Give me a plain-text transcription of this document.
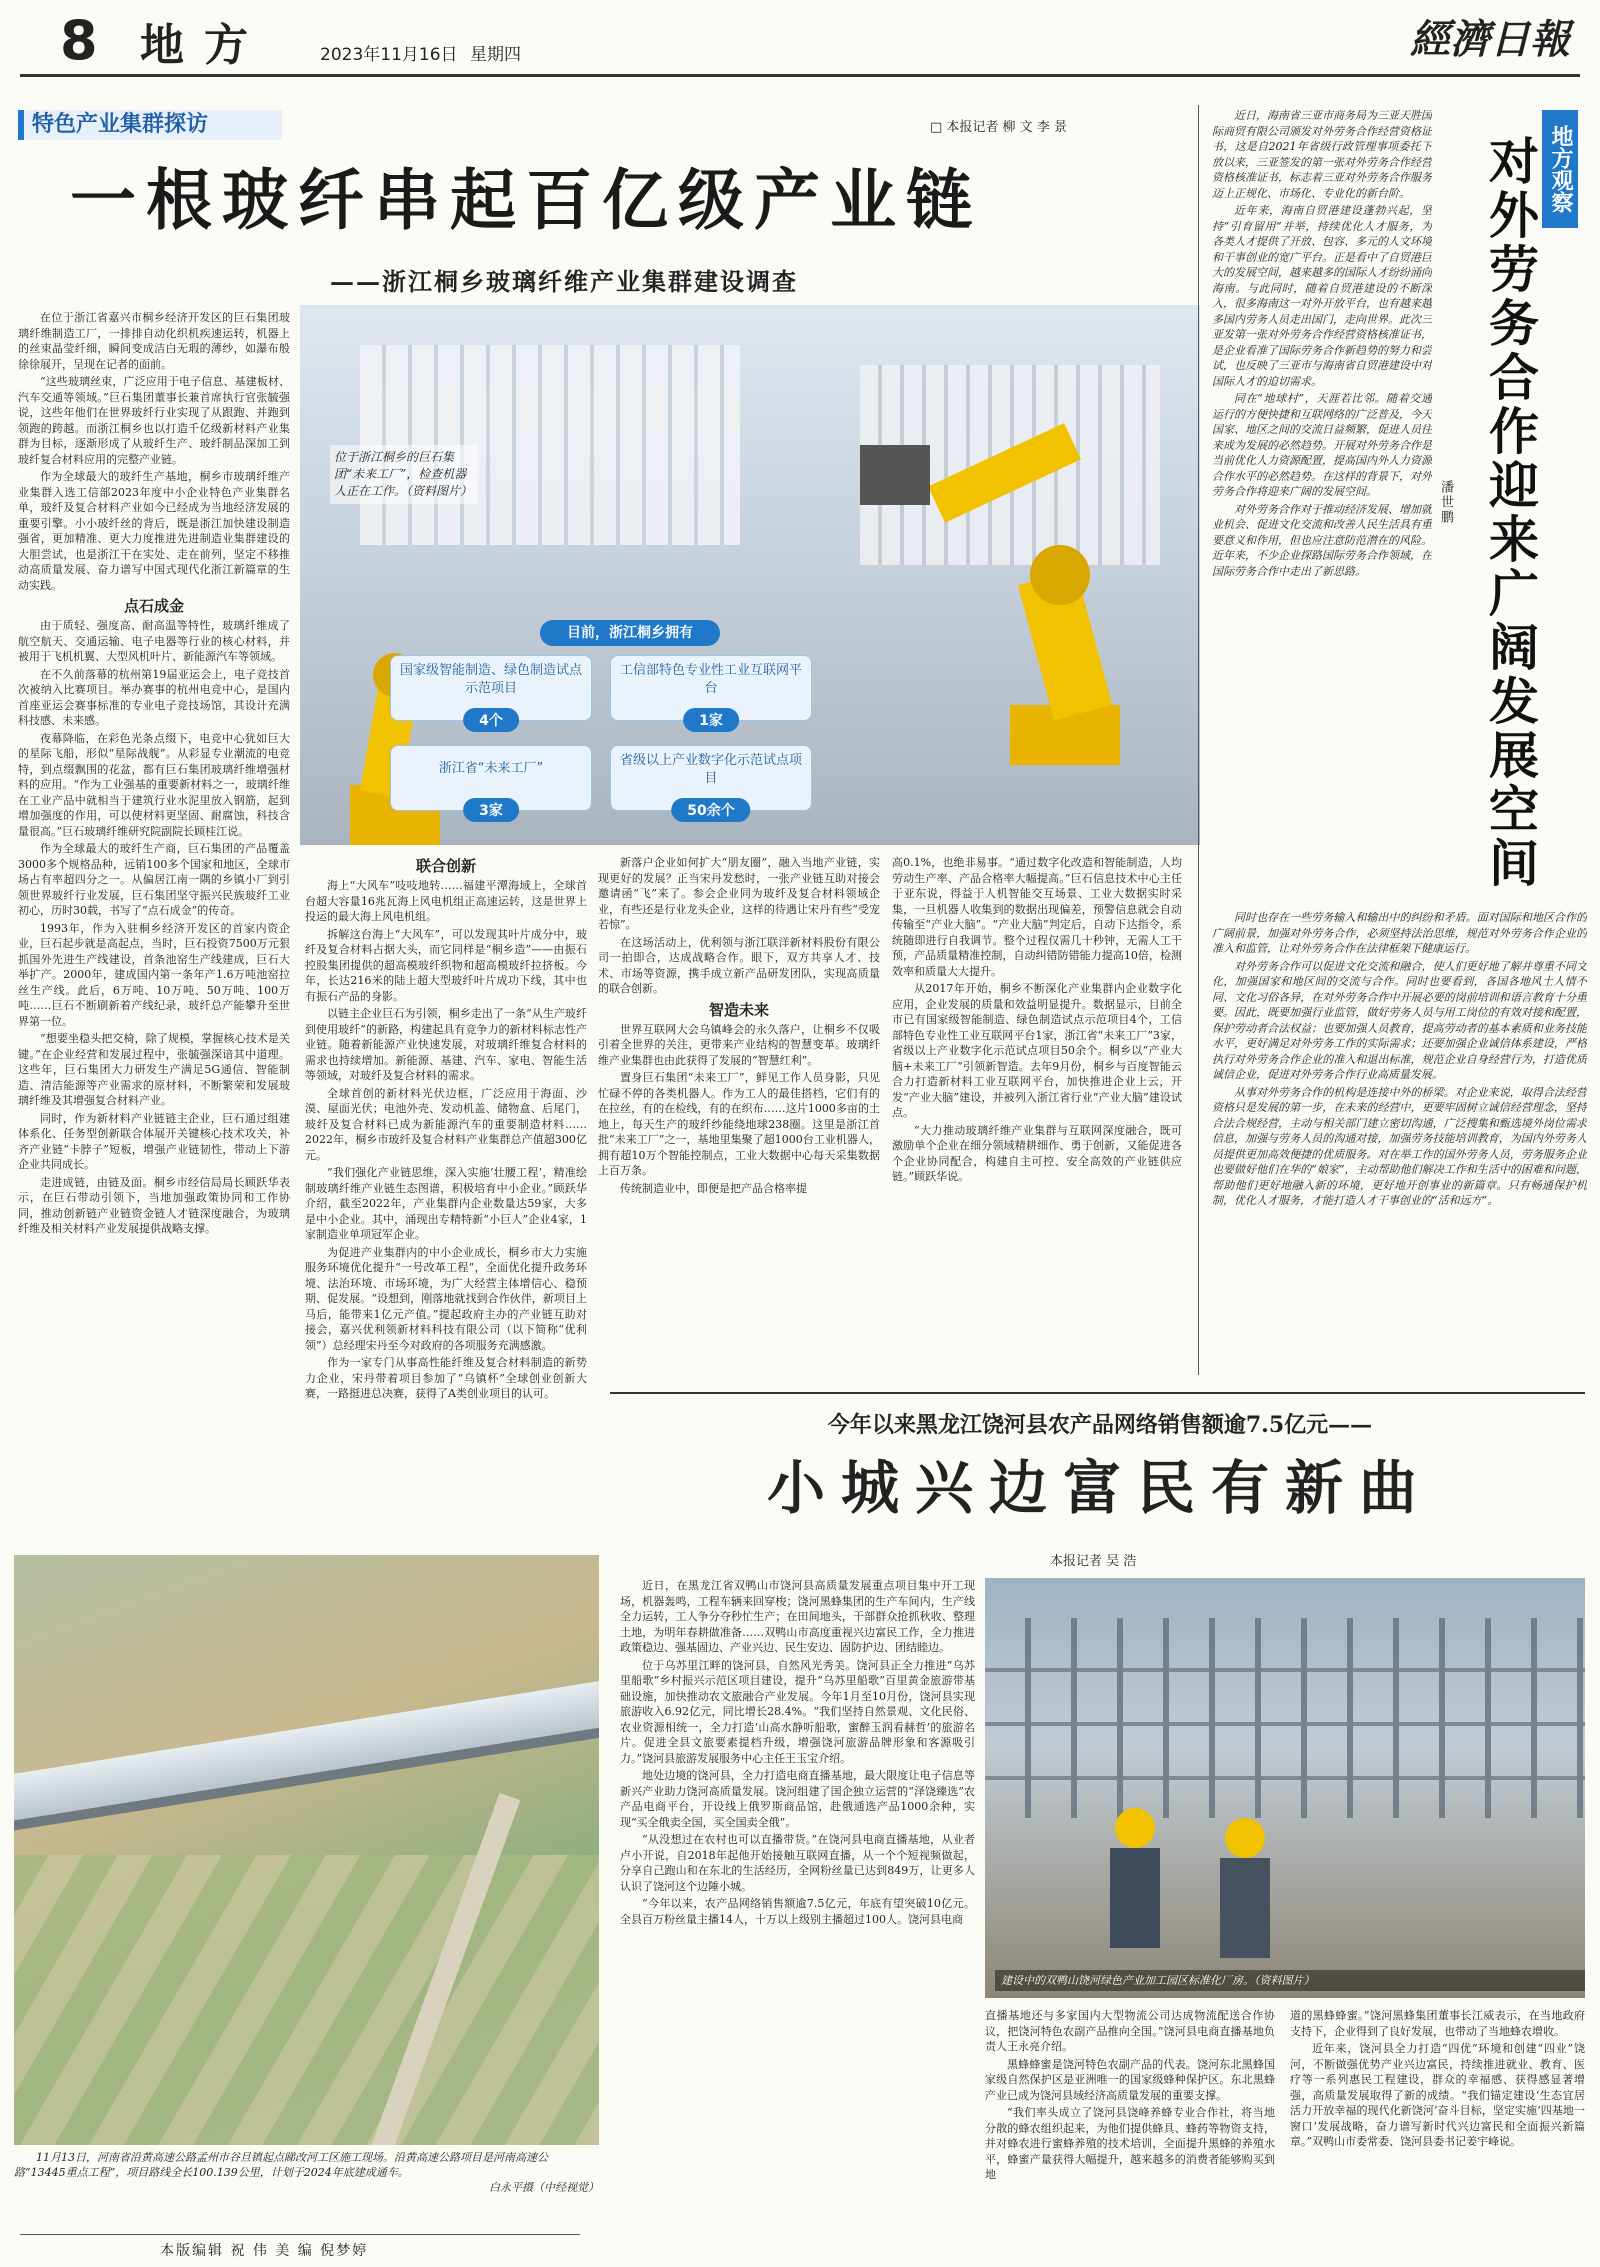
8 地方	2023年11月16日 星期四	經濟日報
特色产业集群探访	□ 本报记者 柳 文 李 景
一根玻纤串起百亿级产业链
——浙江桐乡玻璃纤维产业集群建设调查
位于浙江桐乡的巨石集团“未来工厂”，检查机器人正在工作。（资料图片）
目前，浙江桐乡拥有
国家级智能制造、绿色制造试点示范项目
4个
工信部特色专业性工业互联网平台
1家
浙江省“未来工厂”
3家
省级以上产业数字化示范试点项目
50余个

在位于浙江省嘉兴市桐乡经济开发区的巨石集团玻璃纤维制造工厂，一排排自动化织机疾速运转，机器上的丝束晶莹纤细，瞬间变成洁白无瑕的薄纱，如瀑布般徐徐展开，呈现在记者的面前。

“这些玻璃丝束，广泛应用于电子信息、基建板材、汽车交通等领域。”巨石集团董事长兼首席执行官张毓强说，这些年他们在世界玻纤行业实现了从跟跑、并跑到领跑的跨越。而浙江桐乡也以打造千亿级新材料产业集群为目标，逐渐形成了从玻纤生产、玻纤制品深加工到玻纤复合材料应用的完整产业链。

作为全球最大的玻纤生产基地，桐乡市玻璃纤维产业集群入选工信部2023年度中小企业特色产业集群名单，玻纤及复合材料产业如今已经成为当地经济发展的重要引擎。小小玻纤丝的背后，既是浙江加快建设制造强省，更加精准、更大力度推进先进制造业集群建设的大胆尝试，也是浙江干在实处、走在前列，坚定不移推动高质量发展、奋力谱写中国式现代化浙江新篇章的生动实践。

点石成金

由于质轻、强度高、耐高温等特性，玻璃纤维成了航空航天、交通运输、电子电器等行业的核心材料，并被用于飞机机翼、大型风机叶片、新能源汽车等领域。

在不久前落幕的杭州第19届亚运会上，电子竞技首次被纳入比赛项目。举办赛事的杭州电竞中心，是国内首座亚运会赛事标准的专业电子竞技场馆，其设计充满科技感、未来感。

夜幕降临，在彩色光条点缀下，电竞中心犹如巨大的星际飞船，形似“星际战舰”。从彩显专业潮流的电竞特，到点缀飘围的花盆，都有巨石集团玻璃纤维增强材料的应用。“作为工业强基的重要新材料之一，玻璃纤维在工业产品中就相当于建筑行业水泥里放入钢筋，起到增加强度的作用，可以使材料更坚固、耐腐蚀，科技含量很高。”巨石玻璃纤维研究院副院长顾桂江说。

作为全球最大的玻纤生产商，巨石集团的产品覆盖3000多个规格品种，远销100多个国家和地区，全球市场占有率超四分之一。从偏居江南一隅的乡镇小厂到引领世界玻纤行业发展，巨石集团坚守振兴民族玻纤工业初心，历时30载，书写了“点石成金”的传奇。

1993年，作为入驻桐乡经济开发区的首家内资企业，巨石起步就是高起点，当时，巨石投资7500万元狠抓国外先进生产线建设，首条池窑生产线建成，巨石大举扩产。2000年，建成国内第一条年产1.6万吨池窑拉丝生产线。此后，6万吨、10万吨、50万吨、100万吨……巨石不断刷新着产线纪录，玻纤总产能攀升至世界第一位。

“想要坐稳头把交椅，除了规模，掌握核心技术是关键。”在企业经营和发展过程中，张毓强深谙其中道理。这些年，巨石集团大力研发生产满足5G通信、智能制造、清洁能源等产业需求的原材料，不断繁荣和发展玻璃纤维及其增强复合材料产业。

同时，作为新材料产业链链主企业，巨石通过组建体系化、任务型创新联合体展开关键核心技术攻关，补齐产业链“卡脖子”短板，增强产业链韧性，带动上下游企业共同成长。

走进成链，由链及面。桐乡市经信局局长顾跃华表示，在巨石带动引领下，当地加强政策协同和工作协同，推动创新链产业链资金链人才链深度融合，为玻璃纤维及相关材料产业发展提供战略支撑。

联合创新

海上“大风车”吱吱地转……福建平潭海域上，全球首台超大容量16兆瓦海上风电机组正高速运转，这是世界上投运的最大海上风电机组。

拆解这台海上“大风车”，可以发现其叶片成分中，玻纤及复合材料占据大头，而它同样是“桐乡造”——由振石控股集团提供的超高模玻纤织物和超高模玻纤拉挤板。今年，长达216米的陆上超大型玻纤叶片成功下线，其中也有振石产品的身影。

以链主企业巨石为引领，桐乡走出了一条“从生产玻纤到使用玻纤”的新路，构建起具有竞争力的新材料标志性产业链。随着新能源产业快速发展，对玻璃纤维复合材料的需求也持续增加。新能源、基建、汽车、家电、智能生活等领域，对玻纤及复合材料的需求。

全球首创的新材料光伏边框，广泛应用于海面、沙漠、屋面光伏；电池外壳、发动机盖、储物盒、后尾门，玻纤及复合材料已成为新能源汽车的重要制造材料……2022年，桐乡市玻纤及复合材料产业集群总产值超300亿元。

“我们强化产业链思维，深入实施‘壮腰工程’，精准绘制玻璃纤维产业链生态图谱，积极培育中小企业。”顾跃华介绍，截至2022年，产业集群内企业数量达59家，大多是中小企业。其中，涌现出专精特新“小巨人”企业4家，1家制造业单项冠军企业。

为促进产业集群内的中小企业成长，桐乡市大力实施服务环境优化提升“一号改革工程”，全面优化提升政务环境、法治环境、市场环境，为广大经营主体增信心、稳预期、促发展。“设想到，刚落地就找到合作伙伴，新项目上马后，能带来1亿元产值。”提起政府主办的产业链互助对接会，嘉兴优利领新材料科技有限公司（以下简称“优利领”）总经理宋丹至今对政府的各项服务充满感激。

作为一家专门从事高性能纤维及复合材料制造的新势力企业，宋丹带着项目参加了“乌镇杯”全球创业创新大赛，一路挺进总决赛，获得了A类创业项目的认可。

新落户企业如何扩大“朋友圈”，融入当地产业链，实现更好的发展？正当宋丹发愁时，一张产业链互助对接会邀请函“飞”来了。参会企业同为玻纤及复合材料领域企业，有些还是行业龙头企业，这样的待遇让宋丹有些“受宠若惊”。

在这场活动上，优利领与浙江联洋新材料股份有限公司一拍即合，达成战略合作。眼下，双方共享人才、技术、市场等资源，携手成立新产品研发团队，实现高质量的联合创新。

智造未来

世界互联网大会乌镇峰会的永久落户，让桐乡不仅吸引着全世界的关注，更带来产业结构的智慧变革。玻璃纤维产业集群也由此获得了发展的“智慧红利”。

置身巨石集团“未来工厂”，鲜见工作人员身影，只见忙碌不停的各类机器人。作为工人的最佳搭档，它们有的在拉丝，有的在检线，有的在织布……这片1000多亩的土地上，每天生产的玻纤纱能绕地球238圈。这里是浙江首批“未来工厂”之一，基地里集聚了超1000台工业机器人，拥有超10万个智能控制点，工业大数据中心每天采集数据上百万条。

传统制造业中，即便是把产品合格率提

高0.1%，也绝非易事。“通过数字化改造和智能制造，人均劳动生产率、产品合格率大幅提高。”巨石信息技术中心主任于亚东说，得益于人机智能交互场景、工业大数据实时采集，一旦机器人收集到的数据出现偏差，预警信息就会自动传输至“产业大脑”。“产业大脑”判定后，自动下达指令，系统随即进行自我调节。整个过程仅需几十秒钟，无需人工干预，产品质量精准控制，自动纠错防错能力提高10倍，检测效率和质量大大提升。

从2017年开始，桐乡不断深化产业集群内企业数字化应用，企业发展的质量和效益明显提升。数据显示，目前全市已有国家级智能制造、绿色制造试点示范项目4个，工信部特色专业性工业互联网平台1家，浙江省“未来工厂”3家，省级以上产业数字化示范试点项目50余个。桐乡以“产业大脑+未来工厂”引领新智造。去年9月份，桐乡与百度智能云合力打造新材料工业互联网平台，加快推进企业上云，开发“产业大脑”建设，并被列入浙江省行业“产业大脑”建设试点。

“大力推动玻璃纤维产业集群与互联网深度融合，既可激励单个企业在细分领域精耕细作、勇于创新，又能促进各个企业协同配合，构建自主可控、安全高效的产业链供应链。”顾跃华说。

地方观察
对外劳务合作迎来广阔发展空间
潘世鹏

近日，海南省三亚市商务局为三亚天胜国际商贸有限公司颁发对外劳务合作经营资格证书，这是自2021年省级行政管理事项委托下放以来，三亚签发的第一张对外劳务合作经营资格核准证书，标志着三亚对外劳务合作服务迈上正规化、市场化、专业化的新台阶。

近年来，海南自贸港建设蓬勃兴起，坚持“引育留用”并举，持续优化人才服务，为各类人才提供了开放、包容、多元的人文环境和干事创业的宽广平台。正是看中了自贸港巨大的发展空间，越来越多的国际人才纷纷涌向海南。与此同时，随着自贸港建设的不断深入，很多海南这一对外开放平台，也有越来越多国内劳务人员走出国门，走向世界。此次三亚发第一张对外劳务合作经营资格核准证书，是企业看准了国际劳务合作新趋势的努力和尝试，也反映了三亚市与海南省自贸港建设中对国际人才的迫切需求。

同在“地球村”，天涯若比邻。随着交通运行的方便快捷和互联网络的广泛普及，今天国家、地区之间的交流日益频繁，促进人员往来成为发展的必然趋势。开展对外劳务合作是当前优化人力资源配置，提高国内外人力资源合作水平的必然趋势。在这样的背景下，对外劳务合作将迎来广阔的发展空间。

对外劳务合作对于推动经济发展、增加就业机会、促进文化交流和改善人民生活具有重要意义和作用，但也应注意防范潜在的风险。近年来，不少企业探路国际劳务合作领域，在国际劳务合作中走出了新思路。

同时也存在一些劳务输入和输出中的纠纷和矛盾。面对国际和地区合作的广阔前景，加强对外劳务合作，必须坚持法治思维，规范对外劳务合作企业的准入和监管，让对外劳务合作在法律框架下健康运行。

对外劳务合作可以促进文化交流和融合，使人们更好地了解并尊重不同文化，加强国家和地区间的交流与合作。同时也要看到，各国各地风土人情不同、文化习俗各异，在对外劳务合作中开展必要的岗前培训和语言教育十分重要。因此，既要加强行业监管，做好劳务人员与用工岗位的有效对接和配置，保护劳动者合法权益；也要加强人员教育，提高劳动者的基本素质和业务技能水平，更好满足对外劳务工作的实际需求；还要加强企业诚信体系建设，严格执行对外劳务合作企业的准入和退出标准，规范企业自身经营行为，打造优质诚信企业，促进对外劳务合作行业高质量发展。

从事对外劳务合作的机构是连接中外的桥梁。对企业来说，取得合法经营资格只是发展的第一步，在未来的经营中，更要牢固树立诚信经营理念，坚持合法合规经营，主动与相关部门建立密切沟通，广泛搜集和甄选境外岗位需求信息，加强与劳务人员的沟通对接，加强劳务技能培训教育，为国内外劳务人员提供更加高效便捷的优质服务。对在举工作的国外劳务人员，劳务服务企业也要做好他们在华的“娘家”，主动帮助他们解决工作和生活中的困难和问题，帮助他们更好地融入新的环境，更好地开创事业的新篇章。只有畅通保护机制，优化人才服务，才能打造人才干事创业的“活和远方”。

今年以来黑龙江饶河县农产品网络销售额逾7.5亿元——
小城兴边富民有新曲
本报记者 吴 浩
建设中的双鸭山饶河绿色产业加工园区标准化厂房。（资料图片）

近日，在黑龙江省双鸭山市饶河县高质量发展重点项目集中开工现场，机器轰鸣，工程车辆来回穿梭；饶河黑蜂集团的生产车间内，生产线全力运转，工人争分夺秒忙生产；在田间地头，干部群众抢抓秋收、整理土地，为明年春耕做准备……双鸭山市高度重视兴边富民工作，全力推进政策稳边、强基固边、产业兴边、民生安边、固防护边、团结睦边。

位于乌苏里江畔的饶河县，自然风光秀美。饶河县正全力推进“乌苏里船歌”乡村振兴示范区项目建设，提升“乌苏里船歌”百里黄金旅游带基础设施，加快推动农文旅融合产业发展。今年1月至10月份，饶河县实现旅游收入6.92亿元，同比增长28.4%。“我们坚持自然景观、文化民俗、农业资源相统一，全力打造‘山高水静听船歌，蜜醉玉润看赫哲’的旅游名片。促进全县文旅要素提档升级，增强饶河旅游品牌形象和客源吸引力。”饶河县旅游发展服务中心主任王玉宝介绍。

地处边境的饶河县，全力打造电商直播基地，最大限度让电子信息等新兴产业助力饶河高质量发展。饶河组建了国企独立运营的“泽饶臻选”农产品电商平台，开设线上俄罗斯商品馆，赴俄通选产品1000余种，实现“买全俄卖全国，买全国卖全俄”。

“从没想过在农村也可以直播带货。”在饶河县电商直播基地，从业者卢小开说，自2018年起他开始接触互联网直播，从一个个短视频做起，分享自己跑山和在东北的生活经历，全网粉丝量已达到849万，让更多人认识了饶河这个边陲小城。

“今年以来，农产品网络销售额逾7.5亿元，年底有望突破10亿元。全县百万粉丝量主播14人，十万以上级别主播超过100人。饶河县电商

直播基地还与多家国内大型物流公司达成物流配送合作协议，把饶河特色农副产品推向全国。”饶河县电商直播基地负责人王永亮介绍。

黑蜂蜂蜜是饶河特色农副产品的代表。饶河东北黑蜂国家级自然保护区是亚洲唯一的国家级蜂种保护区。东北黑蜂产业已成为饶河县域经济高质量发展的重要支撑。

“我们率头成立了饶河县饶峰养蜂专业合作社，将当地分散的蜂农组织起来，为他们提供蜂具、蜂药等物资支持，并对蜂农进行蜜蜂养殖的技术培训，全面提升黑蜂的养殖水平，蜂蜜产量获得大幅提升，越来越多的消费者能够购买到地

道的黑蜂蜂蜜。”饶河黑蜂集团董事长江威表示，在当地政府支持下，企业得到了良好发展，也带动了当地蜂农增收。

近年来，饶河县全力打造“四优”环境和创建“四业”饶河，不断做强优势产业兴边富民，持续推进就业、教育、医疗等一系列惠民工程建设，群众的幸福感、获得感显著增强，高质量发展取得了新的成绩。“我们锚定建设‘生态宜居活力开放幸福的现代化新饶河’奋斗目标，坚定实施‘四基地一窗口’发展战略，奋力谱写新时代兴边富民和全面振兴新篇章。”双鸭山市委常委、饶河县委书记姜宇峰说。

11月13日，河南省沿黄高速公路孟州市谷旦镇起点睇改河工区施工现场。沿黄高速公路项目是河南高速公路“13445重点工程”，项目路线全长100.139公里，计划于2024年底建成通车。
白永平摄（中经视觉）
本版编辑 祝 伟 美 编 倪梦婷
